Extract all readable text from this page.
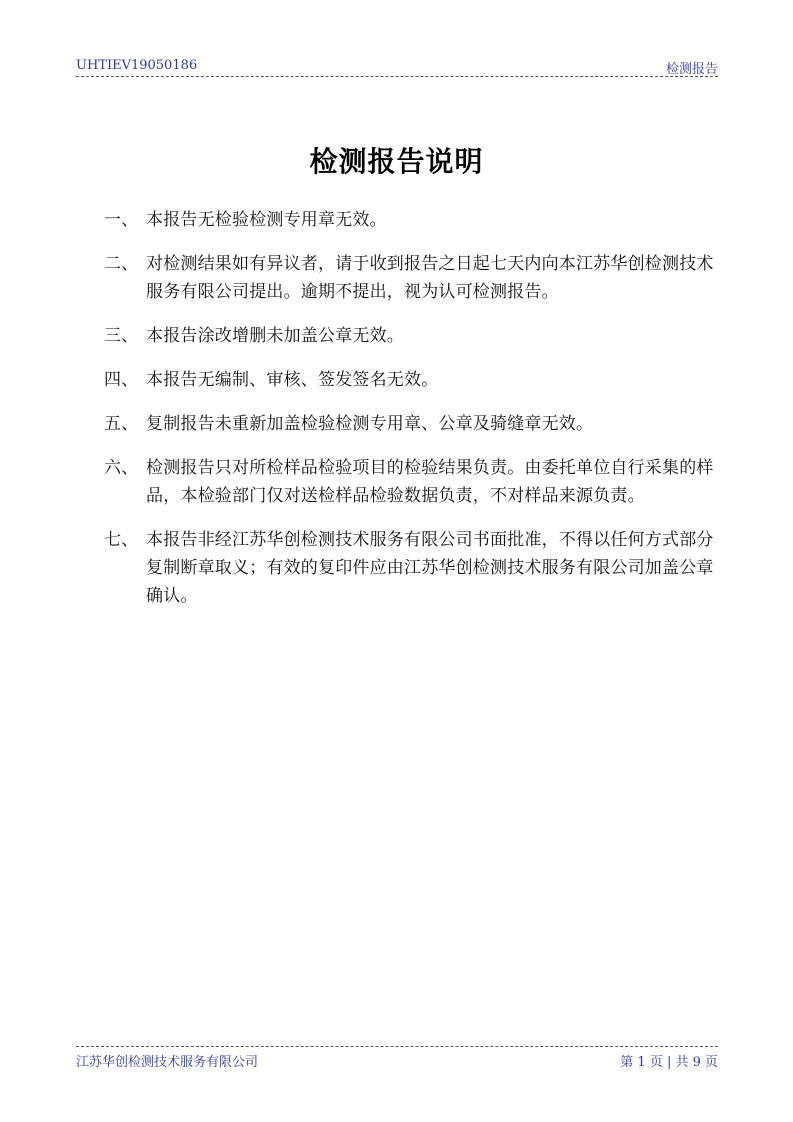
UHTIEV19050186	检测报告
检测报告说明
一、 本报告无检验检测专用章无效。
二、 对检测结果如有异议者，请于收到报告之日起七天内向本江苏华创检测技术服务有限公司提出。逾期不提出，视为认可检测报告。
三、 本报告涂改增删未加盖公章无效。
四、 本报告无编制、审核、签发签名无效。
五、 复制报告未重新加盖检验检测专用章、公章及骑缝章无效。
六、 检测报告只对所检样品检验项目的检验结果负责。由委托单位自行采集的样品，本检验部门仅对送检样品检验数据负责，不对样品来源负责。
七、 本报告非经江苏华创检测技术服务有限公司书面批准，不得以任何方式部分复制断章取义；有效的复印件应由江苏华创检测技术服务有限公司加盖公章确认。
江苏华创检测技术服务有限公司	第 1 页 | 共 9 页
